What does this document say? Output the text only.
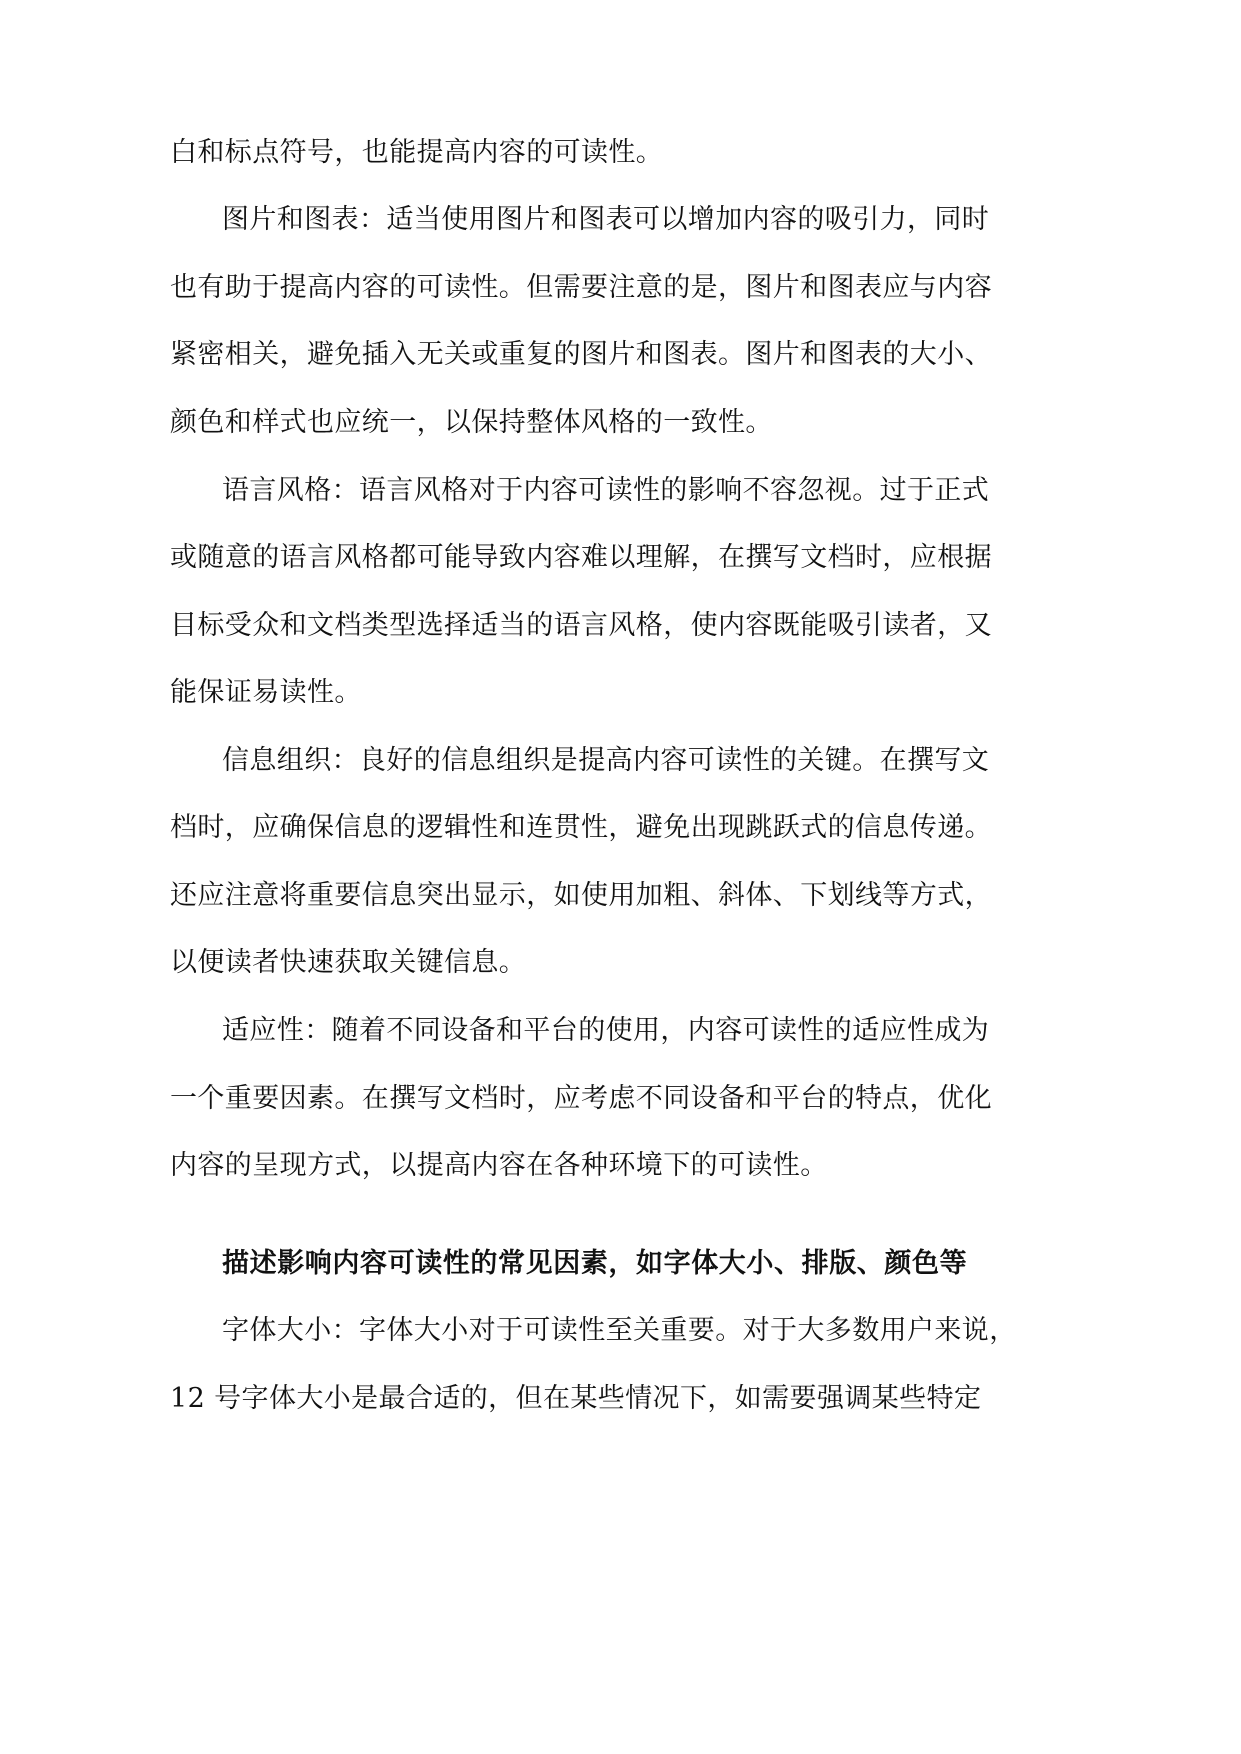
白和标点符号，也能提高内容的可读性。
图片和图表：适当使用图片和图表可以增加内容的吸引力，同时
也有助于提高内容的可读性。但需要注意的是，图片和图表应与内容
紧密相关，避免插入无关或重复的图片和图表。图片和图表的大小、
颜色和样式也应统一，以保持整体风格的一致性。
语言风格：语言风格对于内容可读性的影响不容忽视。过于正式
或随意的语言风格都可能导致内容难以理解，在撰写文档时，应根据
目标受众和文档类型选择适当的语言风格，使内容既能吸引读者，又
能保证易读性。
信息组织：良好的信息组织是提高内容可读性的关键。在撰写文
档时，应确保信息的逻辑性和连贯性，避免出现跳跃式的信息传递。
还应注意将重要信息突出显示，如使用加粗、斜体、下划线等方式，
以便读者快速获取关键信息。
适应性：随着不同设备和平台的使用，内容可读性的适应性成为
一个重要因素。在撰写文档时，应考虑不同设备和平台的特点，优化
内容的呈现方式，以提高内容在各种环境下的可读性。
描述影响内容可读性的常见因素，如字体大小、排版、颜色等
字体大小：字体大小对于可读性至关重要。对于大多数用户来说，
12 号字体大小是最合适的，但在某些情况下，如需要强调某些特定
